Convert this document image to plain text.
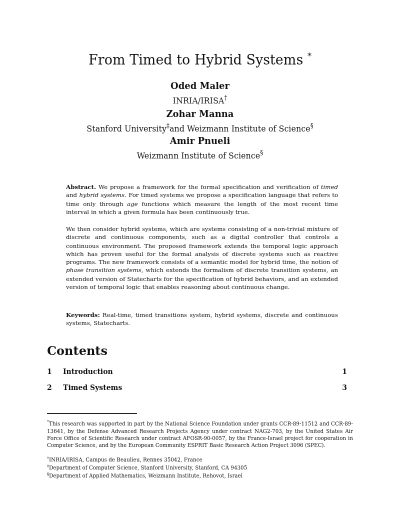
From Timed to Hybrid Systems *
Oded Maler
INRIA/IRISA†
Zohar Manna
Stanford University‡and Weizmann Institute of Science§
Amir Pnueli
Weizmann Institute of Science§
Abstract. We propose a framework for the formal specification and verification of timed and hybrid systems. For timed systems we propose a specification language that refers to time only through age functions which measure the length of the most recent time interval in which a given formula has been continuously true.
We then consider hybrid systems, which are systems consisting of a non-trivial mixture of discrete and continuous components, such as a digital controller that controls a continuous environment. The proposed framework extends the temporal logic approach which has proven useful for the formal analysis of discrete systems such as reactive programs. The new framework consists of a semantic model for hybrid time, the notion of phase transition systems, which extends the formalism of discrete transition systems, an extended version of Statecharts for the specification of hybrid behaviors, and an extended version of temporal logic that enables reasoning about continuous change.
Keywords: Real-time, timed transitions system, hybrid systems, discrete and continuous systems, Statecharts.
Contents
1 Introduction	1
2 Timed Systems	3
*This research was supported in part by the National Science Foundation under grants CCR-89-11512 and CCR-89-13641, by the Defense Advanced Research Projects Agency under contract NAG2-703, by the United States Air Force Office of Scientific Research under contract AFOSR-90-0057, by the France-Israel project for cooperation in Computer Science, and by the European Community ESPRIT Basic Research Action Project 3096 (SPEC).
†INRIA/IRISA, Campus de Beaulieu, Rennes 35042, France
‡Department of Computer Science, Stanford University, Stanford, CA 94305
§Department of Applied Mathematics, Weizmann Institute, Rehovot, Israel
